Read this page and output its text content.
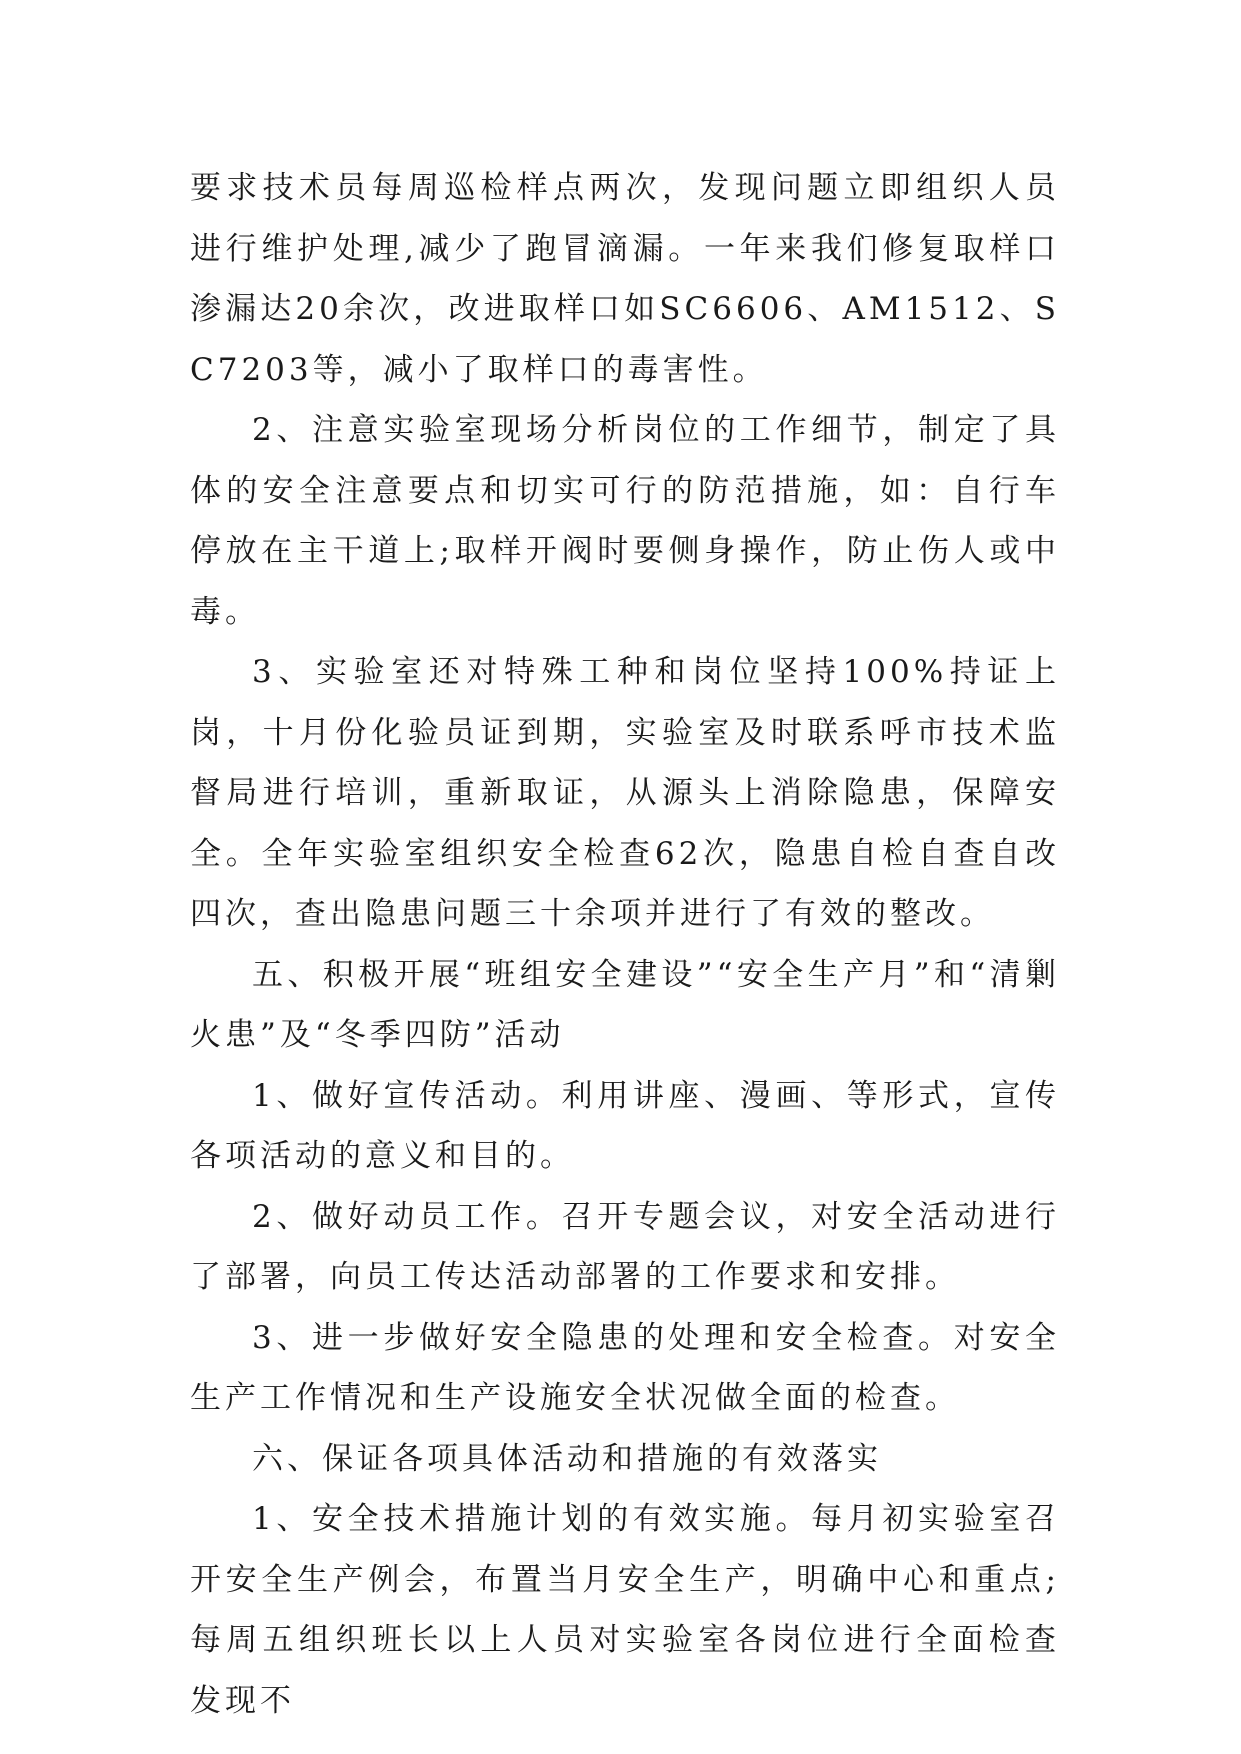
要求技术员每周巡检样点两次，发现问题立即组织人员进行维护处理,减少了跑冒滴漏。一年来我们修复取样口渗漏达20余次，改进取样口如SC6606、AM1512、SC7203等，减小了取样口的毒害性。

2、注意实验室现场分析岗位的工作细节，制定了具体的安全注意要点和切实可行的防范措施，如：自行车停放在主干道上;取样开阀时要侧身操作，防止伤人或中毒。

3、实验室还对特殊工种和岗位坚持100%持证上岗，十月份化验员证到期，实验室及时联系呼市技术监督局进行培训，重新取证，从源头上消除隐患，保障安全。全年实验室组织安全检查62次，隐患自检自查自改四次，查出隐患问题三十余项并进行了有效的整改。

五、积极开展“班组安全建设”“安全生产月”和“清剿火患”及“冬季四防”活动

1、做好宣传活动。利用讲座、漫画、等形式，宣传各项活动的意义和目的。

2、做好动员工作。召开专题会议，对安全活动进行了部署，向员工传达活动部署的工作要求和安排。

3、进一步做好安全隐患的处理和安全检查。对安全生产工作情况和生产设施安全状况做全面的检查。

六、保证各项具体活动和措施的有效落实

1、安全技术措施计划的有效实施。每月初实验室召开安全生产例会，布置当月安全生产，明确中心和重点;每周五组织班长以上人员对实验室各岗位进行全面检查发现不
